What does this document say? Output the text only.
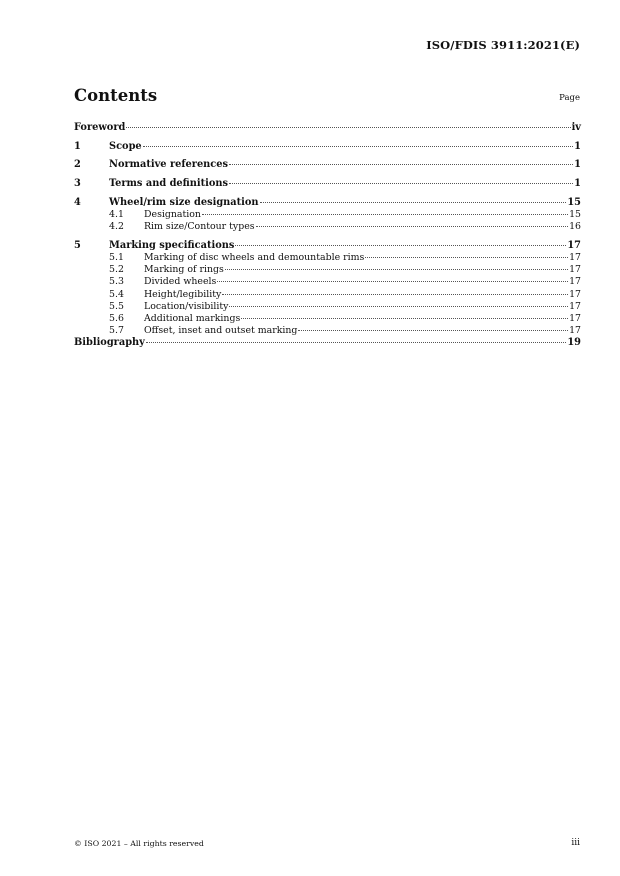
ISO/FDIS 3911:2021(E)
Contents	Page
Foreword	iv
1	Scope	1
2	Normative references	1
3	Terms and definitions	1
4	Wheel/rim size designation	15
4.1	Designation	15
4.2	Rim size/Contour types	16
5	Marking specifications	17
5.1	Marking of disc wheels and demountable rims	17
5.2	Marking of rings	17
5.3	Divided wheels	17
5.4	Height/legibility	17
5.5	Location/visibility	17
5.6	Additional markings	17
5.7	Offset, inset and outset marking	17
Bibliography	19
© ISO 2021 – All rights reserved	iii
